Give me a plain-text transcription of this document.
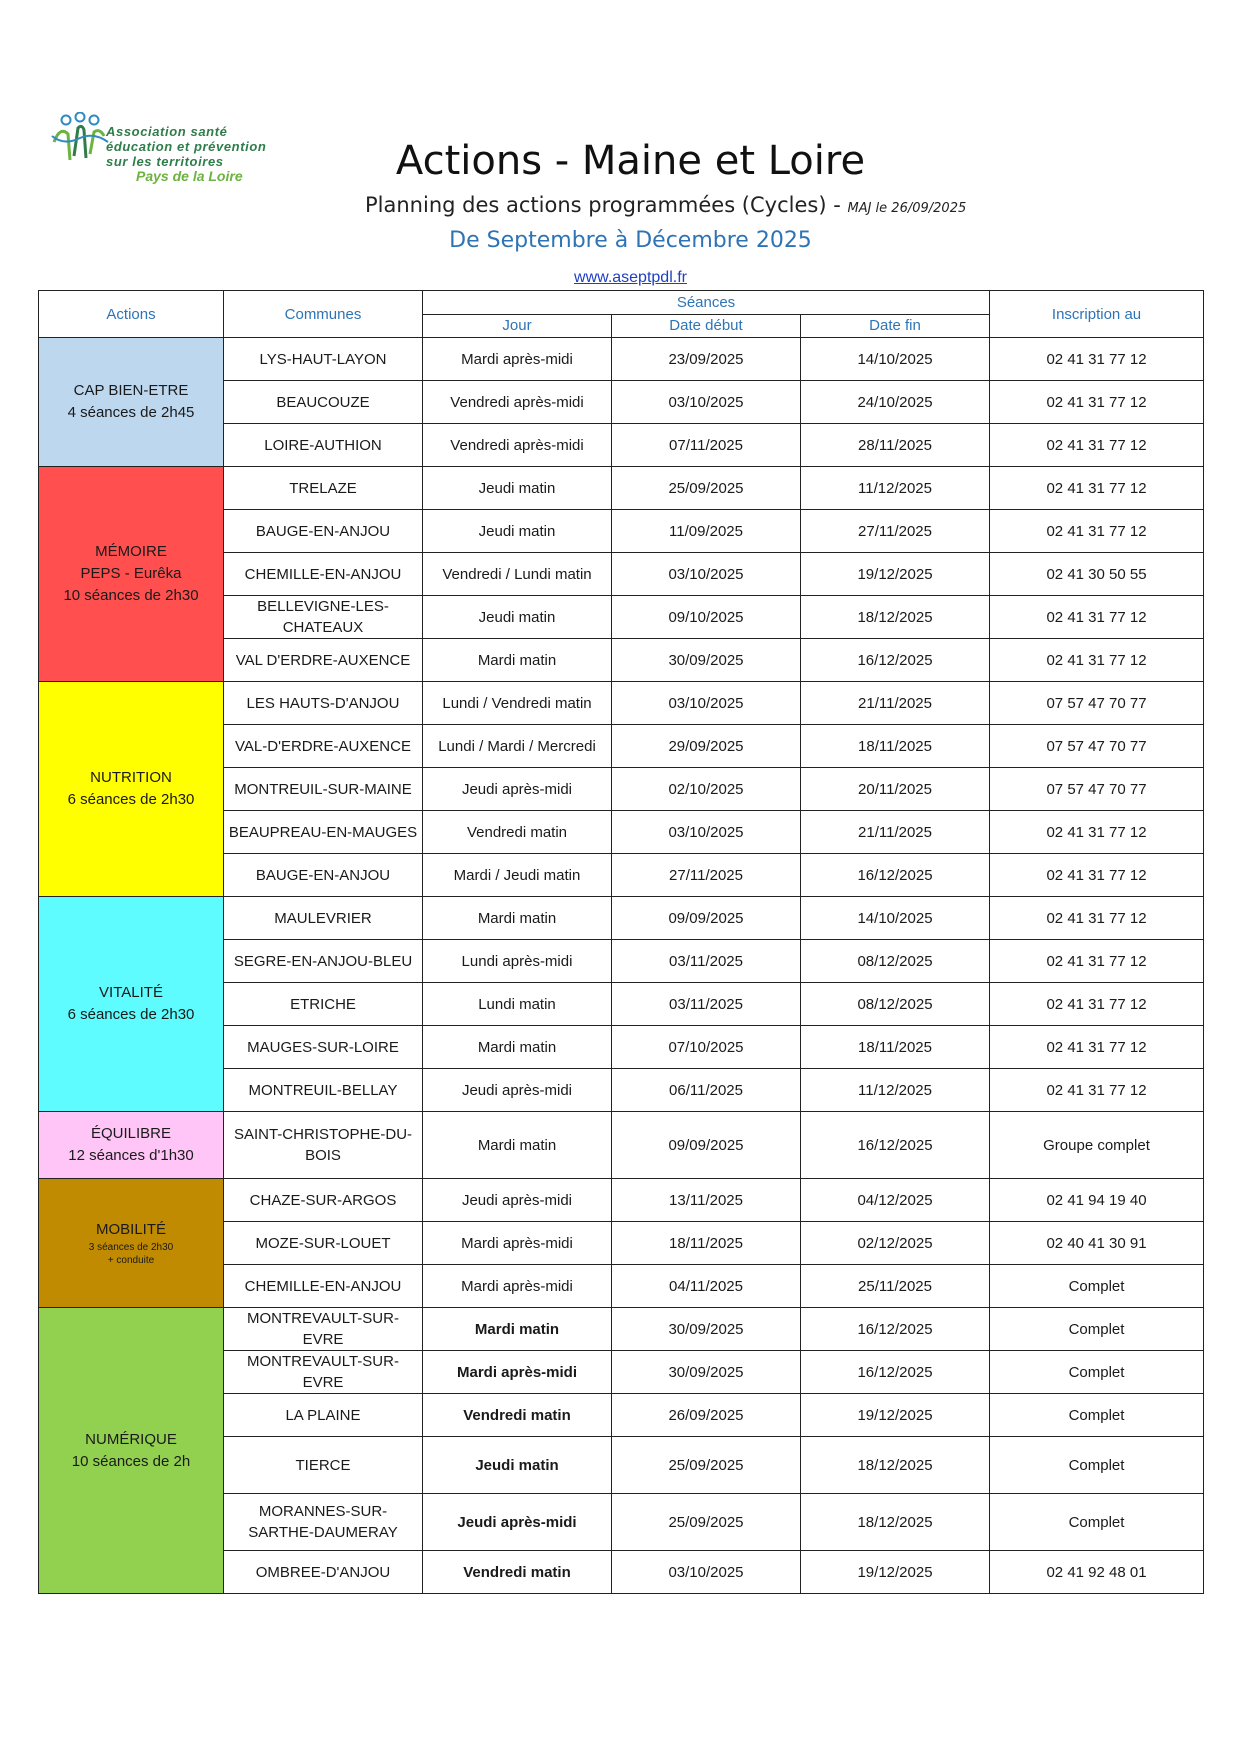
Association santé
éducation et prévention
sur les territoires
Pays de la Loire	Actions - Maine et Loire
Planning des actions programmées (Cycles) - MAJ le 26/09/2025
De Septembre à Décembre 2025
www.aseptpdl.fr
Actions	Communes	Séances			Inscription au
		Jour	Date début	Date fin	

CAP BIEN-ETRE
4 séances de 2h45	LYS-HAUT-LAYON	Mardi après-midi	23/09/2025	14/10/2025	02 41 31 77 12
	BEAUCOUZE	Vendredi après-midi	03/10/2025	24/10/2025	02 41 31 77 12
	LOIRE-AUTHION	Vendredi après-midi	07/11/2025	28/11/2025	02 41 31 77 12

MÉMOIRE
PEPS - Eurêka
10 séances de 2h30	TRELAZE	Jeudi matin	25/09/2025	11/12/2025	02 41 31 77 12
	BAUGE-EN-ANJOU	Jeudi matin	11/09/2025	27/11/2025	02 41 31 77 12
	CHEMILLE-EN-ANJOU	Vendredi / Lundi matin	03/10/2025	19/12/2025	02 41 30 50 55
	BELLEVIGNE-LES-CHATEAUX	Jeudi matin	09/10/2025	18/12/2025	02 41 31 77 12
	VAL D'ERDRE-AUXENCE	Mardi matin	30/09/2025	16/12/2025	02 41 31 77 12

NUTRITION
6 séances de 2h30	LES HAUTS-D'ANJOU	Lundi / Vendredi matin	03/10/2025	21/11/2025	07 57 47 70 77
	VAL-D'ERDRE-AUXENCE	Lundi / Mardi / Mercredi	29/09/2025	18/11/2025	07 57 47 70 77
	MONTREUIL-SUR-MAINE	Jeudi après-midi	02/10/2025	20/11/2025	07 57 47 70 77
	BEAUPREAU-EN-MAUGES	Vendredi matin	03/10/2025	21/11/2025	02 41 31 77 12
	BAUGE-EN-ANJOU	Mardi / Jeudi matin	27/11/2025	16/12/2025	02 41 31 77 12

VITALITÉ
6 séances de 2h30	MAULEVRIER	Mardi matin	09/09/2025	14/10/2025	02 41 31 77 12
	SEGRE-EN-ANJOU-BLEU	Lundi après-midi	03/11/2025	08/12/2025	02 41 31 77 12
	ETRICHE	Lundi matin	03/11/2025	08/12/2025	02 41 31 77 12
	MAUGES-SUR-LOIRE	Mardi matin	07/10/2025	18/11/2025	02 41 31 77 12
	MONTREUIL-BELLAY	Jeudi après-midi	06/11/2025	11/12/2025	02 41 31 77 12

ÉQUILIBRE
12 séances d'1h30	SAINT-CHRISTOPHE-DU-BOIS	Mardi matin	09/09/2025	16/12/2025	Groupe complet

MOBILITÉ
3 séances de 2h30
+ conduite	CHAZE-SUR-ARGOS	Jeudi après-midi	13/11/2025	04/12/2025	02 41 94 19 40
	MOZE-SUR-LOUET	Mardi après-midi	18/11/2025	02/12/2025	02 40 41 30 91
	CHEMILLE-EN-ANJOU	Mardi après-midi	04/11/2025	25/11/2025	Complet

NUMÉRIQUE
10 séances de 2h	MONTREVAULT-SUR-EVRE	Mardi matin	30/09/2025	16/12/2025	Complet
	MONTREVAULT-SUR-EVRE	Mardi après-midi	30/09/2025	16/12/2025	Complet
	LA PLAINE	Vendredi matin	26/09/2025	19/12/2025	Complet
	TIERCE	Jeudi matin	25/09/2025	18/12/2025	Complet
	MORANNES-SUR-SARTHE-DAUMERAY	Jeudi après-midi	25/09/2025	18/12/2025	Complet
	OMBREE-D'ANJOU	Vendredi matin	03/10/2025	19/12/2025	02 41 92 48 01
